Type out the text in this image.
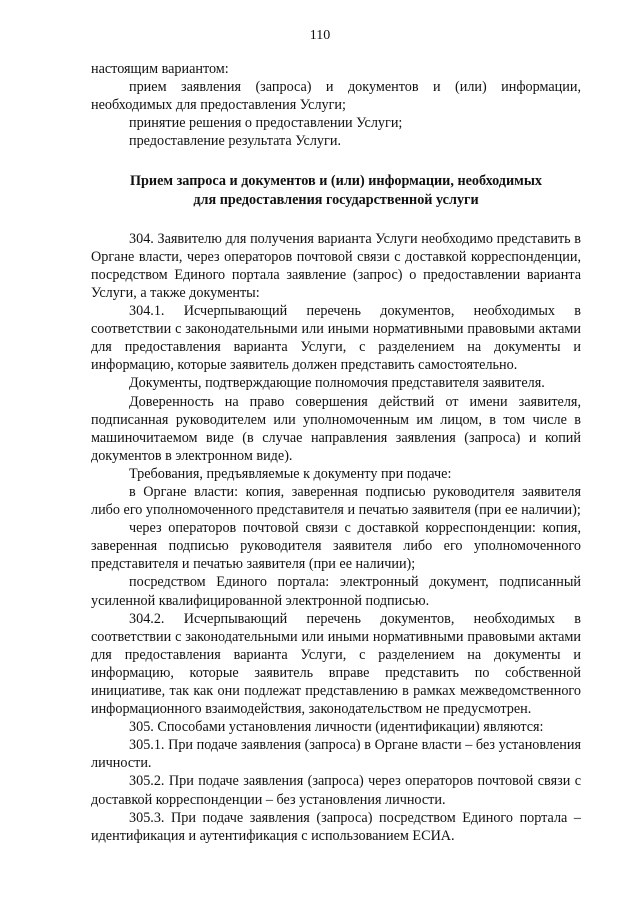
110

настоящим вариантом:

прием заявления (запроса) и документов и (или) информации, необходимых для предоставления Услуги;

принятие решения о предоставлении Услуги;

предоставление результата Услуги.

Прием запроса и документов и (или) информации, необходимых
для предоставления государственной услуги

304. Заявителю для получения варианта Услуги необходимо представить в Органе власти, через операторов почтовой связи с доставкой корреспонденции, посредством Единого портала заявление (запрос) о предоставлении варианта Услуги, а также документы:

304.1. Исчерпывающий перечень документов, необходимых в соответствии с законодательными или иными нормативными правовыми актами для предоставления варианта Услуги, с разделением на документы и информацию, которые заявитель должен представить самостоятельно.

Документы, подтверждающие полномочия представителя заявителя.

Доверенность на право совершения действий от имени заявителя, подписанная руководителем или уполномоченным им лицом, в том числе в машиночитаемом виде (в случае направления заявления (запроса) и копий документов в электронном виде).

Требования, предъявляемые к документу при подаче:

в Органе власти: копия, заверенная подписью руководителя заявителя либо его уполномоченного представителя и печатью заявителя (при ее наличии);

через операторов почтовой связи с доставкой корреспонденции: копия, заверенная подписью руководителя заявителя либо его уполномоченного представителя и печатью заявителя (при ее наличии);

посредством Единого портала: электронный документ, подписанный усиленной квалифицированной электронной подписью.

304.2. Исчерпывающий перечень документов, необходимых в соответствии с законодательными или иными нормативными правовыми актами для предоставления варианта Услуги, с разделением на документы и информацию, которые заявитель вправе представить по собственной инициативе, так как они подлежат представлению в рамках межведомственного информационного взаимодействия, законодательством не предусмотрен.

305. Способами установления личности (идентификации) являются:

305.1. При подаче заявления (запроса) в Органе власти – без установления личности.

305.2. При подаче заявления (запроса) через операторов почтовой связи с доставкой корреспонденции – без установления личности.

305.3. При подаче заявления (запроса) посредством Единого портала – идентификация и аутентификация с использованием ЕСИА.
